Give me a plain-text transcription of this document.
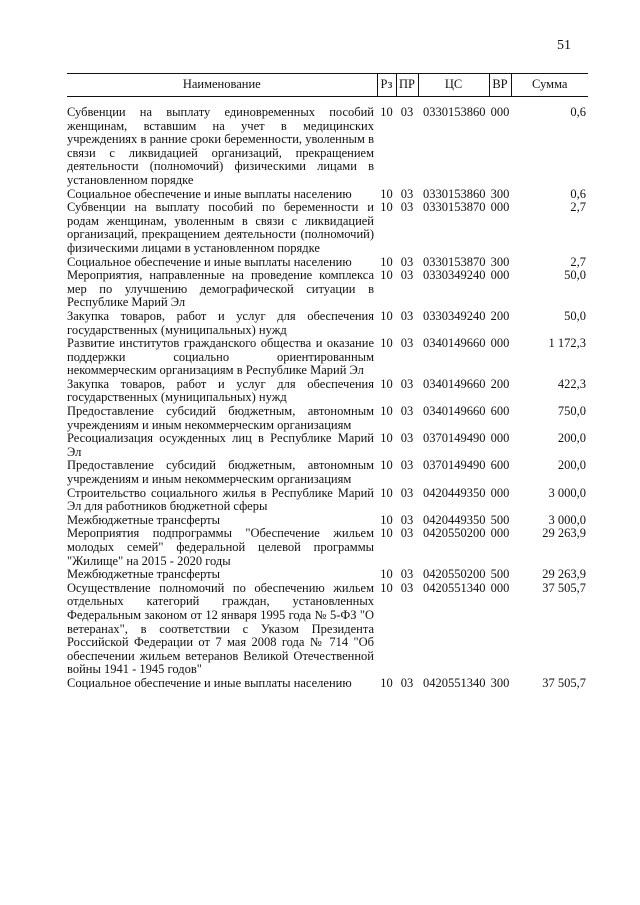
51
Наименование	Рз	ПР	ЦС	ВР	Сумма
Субвенции на выплату единовременных пособий женщинам, вставшим на учет в медицинских учреждениях в ранние сроки беременности, уволенным в связи с ликвидацией организаций, прекращением деятельности (полномочий) физическими лицами в установленном порядке	10	03	0330153860	000	0,6
Социальное обеспечение и иные выплаты населению	10	03	0330153860	300	0,6
Субвенции на выплату пособий по беременности и родам женщинам, уволенным в связи с ликвидацией организаций, прекращением деятельности (полномочий) физическими лицами в установленном порядке	10	03	0330153870	000	2,7
Социальное обеспечение и иные выплаты населению	10	03	0330153870	300	2,7
Мероприятия, направленные на проведение комплекса мер по улучшению демографической ситуации в Республике Марий Эл	10	03	0330349240	000	50,0
Закупка товаров, работ и услуг для обеспечения государственных (муниципальных) нужд	10	03	0330349240	200	50,0
Развитие институтов гражданского общества и оказание поддержки социально ориентированным некоммерческим организациям в Республике Марий Эл	10	03	0340149660	000	1 172,3
Закупка товаров, работ и услуг для обеспечения государственных (муниципальных) нужд	10	03	0340149660	200	422,3
Предоставление субсидий бюджетным, автономным учреждениям и иным некоммерческим организациям	10	03	0340149660	600	750,0
Ресоциализация осужденных лиц в Республике Марий Эл	10	03	0370149490	000	200,0
Предоставление субсидий бюджетным, автономным учреждениям и иным некоммерческим организациям	10	03	0370149490	600	200,0
Строительство социального жилья в Республике Марий Эл для работников бюджетной сферы	10	03	0420449350	000	3 000,0
Межбюджетные трансферты	10	03	0420449350	500	3 000,0
Мероприятия подпрограммы "Обеспечение жильем молодых семей" федеральной целевой программы "Жилище" на 2015 - 2020 годы	10	03	0420550200	000	29 263,9
Межбюджетные трансферты	10	03	0420550200	500	29 263,9
Осуществление полномочий по обеспечению жильем отдельных категорий граждан, установленных Федеральным законом от 12 января 1995 года № 5-ФЗ "О ветеранах", в соответствии с Указом Президента Российской Федерации от 7 мая 2008 года № 714 "Об обеспечении жильем ветеранов Великой Отечественной войны 1941 - 1945 годов"	10	03	0420551340	000	37 505,7
Социальное обеспечение и иные выплаты населению	10	03	0420551340	300	37 505,7
